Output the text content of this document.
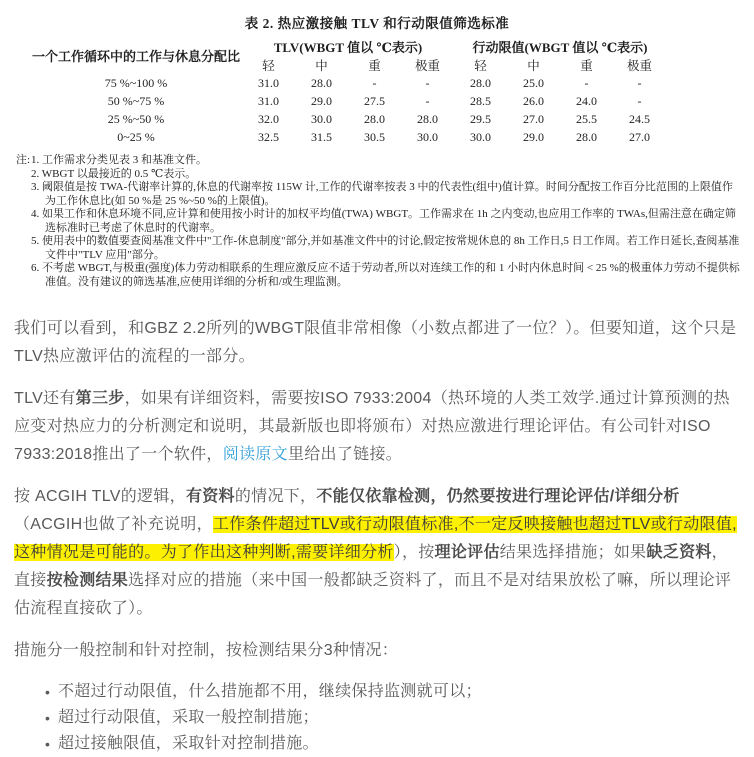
表 2. 热应激接触 TLV 和行动限值筛选标准
一个工作循环中的工作与休息分配比	TLV(WBGT 值以 ℃表示)				行动限值(WBGT 值以 ℃表示)			
	轻	中	重	极重	轻	中	重	极重
75 %~100 %	31.0	28.0	-	-	28.0	25.0	-	-
50 %~75 %	31.0	29.0	27.5	-	28.5	26.0	24.0	-
25 %~50 %	32.0	30.0	28.0	28.0	29.5	27.0	25.5	24.5
0~25 %	32.5	31.5	30.5	30.0	30.0	29.0	28.0	27.0
注: 1. 工作需求分类见表 3 和基准文件。
2. WBGT 以最接近的 0.5 ℃表示。
3. 阈限值是按 TWA-代谢率计算的,休息的代谢率按 115W 计,工作的代谢率按表 3 中的代表性(组中)值计算。时间分配按工作百分比范围的上限值作为工作休息比(如 50 %是 25 %~50 %的上限值)。
4. 如果工作和休息环境不同,应计算和使用按小时计的加权平均值(TWA) WBGT。工作需求在 1h 之内变动,也应用工作率的 TWAs,但需注意在确定筛选标准时已考虑了休息时的代谢率。
5. 使用表中的数值要查阅基准文件中"工作-休息制度"部分,并如基准文件中的讨论,假定按常规休息的 8h 工作日,5 日工作周。若工作日延长,查阅基准文件中"TLV 应用"部分。
6. 不考虑 WBGT,与极重(强度)体力劳动相联系的生理应激反应不适于劳动者,所以对连续工作的和 1 小时内休息时间 < 25 %的极重体力劳动不提供标准值。没有建议的筛选基准,应使用详细的分析和/或生理监测。

我们可以看到，和GBZ 2.2所列的WBGT限值非常相像（小数点都进了一位？）。但要知道，这个只是TLV热应激评估的流程的一部分。

TLV还有第三步，如果有详细资料，需要按ISO 7933:2004（热环境的人类工效学.通过计算预测的热应变对热应力的分析测定和说明，其最新版也即将颁布）对热应激进行理论评估。有公司针对ISO 7933:2018推出了一个软件，阅读原文里给出了链接。

按 ACGIH TLV的逻辑，有资料的情况下，不能仅依靠检测，仍然要按进行理论评估/详细分析（ACGIH也做了补充说明，工作条件超过TLV或行动限值标准,不一定反映接触也超过TLV或行动限值,这种情况是可能的。为了作出这种判断,需要详细分析），按理论评估结果选择措施；如果缺乏资料，直接按检测结果选择对应的措施（来中国一般都缺乏资料了，而且不是对结果放松了嘛，所以理论评估流程直接砍了）。

措施分一般控制和针对控制，按检测结果分3种情况：

• 不超过行动限值，什么措施都不用，继续保持监测就可以；
• 超过行动限值，采取一般控制措施；
• 超过接触限值，采取针对控制措施。
